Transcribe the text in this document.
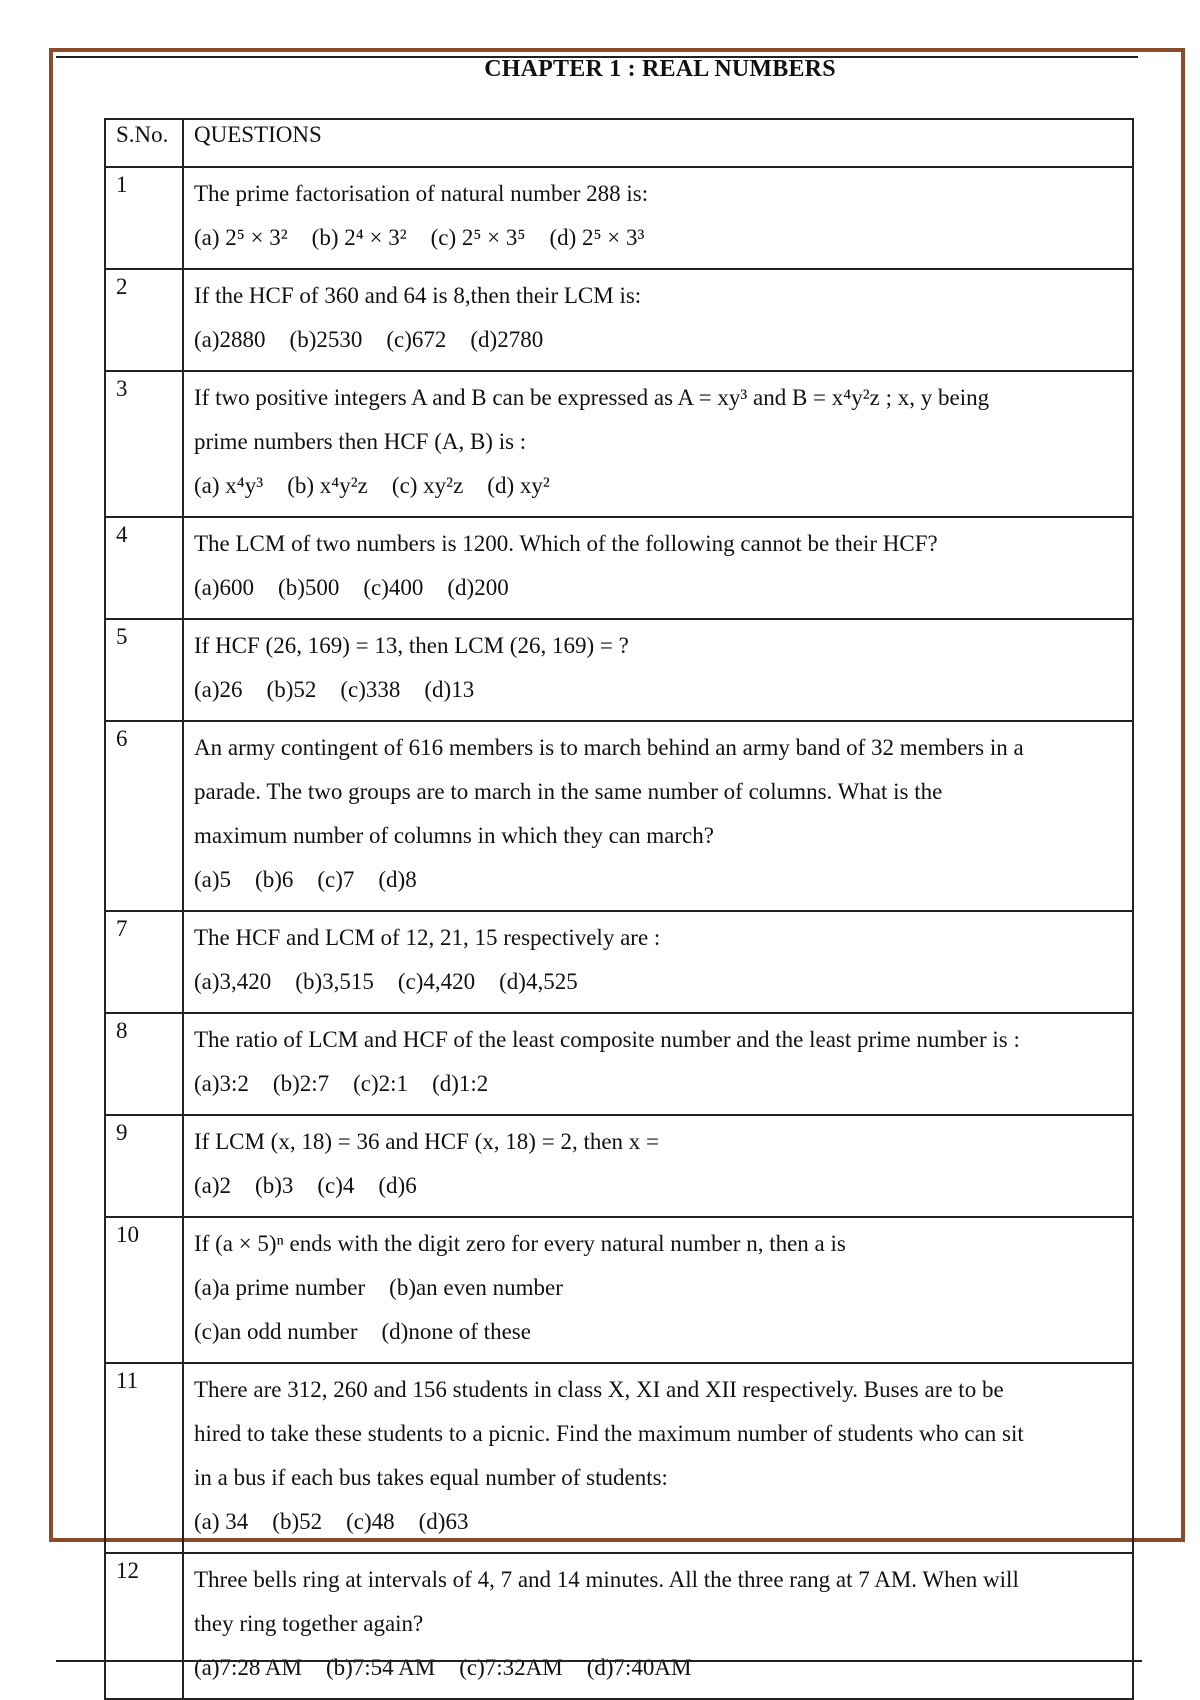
CHAPTER 1 : REAL NUMBERS
S.No.	QUESTIONS
1	The prime factorisation of natural number 288 is:
(a) 2⁵ × 3² (b) 2⁴ × 3² (c) 2⁵ × 3⁵ (d) 2⁵ × 3³

2	If the HCF of 360 and 64 is 8,then their LCM is:
(a)2880 (b)2530 (c)672 (d)2780

3	If two positive integers A and B can be expressed as A = xy³ and B = x⁴y²z ; x, y being
prime numbers then HCF (A, B) is :
(a) x⁴y³ (b) x⁴y²z (c) xy²z (d) xy²

4	The LCM of two numbers is 1200. Which of the following cannot be their HCF?
(a)600 (b)500 (c)400 (d)200

5	If HCF (26, 169) = 13, then LCM (26, 169) = ?
(a)26 (b)52 (c)338 (d)13

6	An army contingent of 616 members is to march behind an army band of 32 members in a
parade. The two groups are to march in the same number of columns. What is the
maximum number of columns in which they can march?
(a)5 (b)6 (c)7 (d)8

7	The HCF and LCM of 12, 21, 15 respectively are :
(a)3,420 (b)3,515 (c)4,420 (d)4,525

8	The ratio of LCM and HCF of the least composite number and the least prime number is :
(a)3:2 (b)2:7 (c)2:1 (d)1:2

9	If LCM (x, 18) = 36 and HCF (x, 18) = 2, then x =
(a)2 (b)3 (c)4 (d)6

10	If (a × 5)ⁿ ends with the digit zero for every natural number n, then a is
(a)a prime number (b)an even number
(c)an odd number (d)none of these

11	There are 312, 260 and 156 students in class X, XI and XII respectively. Buses are to be
hired to take these students to a picnic. Find the maximum number of students who can sit
in a bus if each bus takes equal number of students:
(a) 34 (b)52 (c)48 (d)63

12	Three bells ring at intervals of 4, 7 and 14 minutes. All the three rang at 7 AM. When will
they ring together again?
(a)7:28 AM (b)7:54 AM (c)7:32AM (d)7:40AM
